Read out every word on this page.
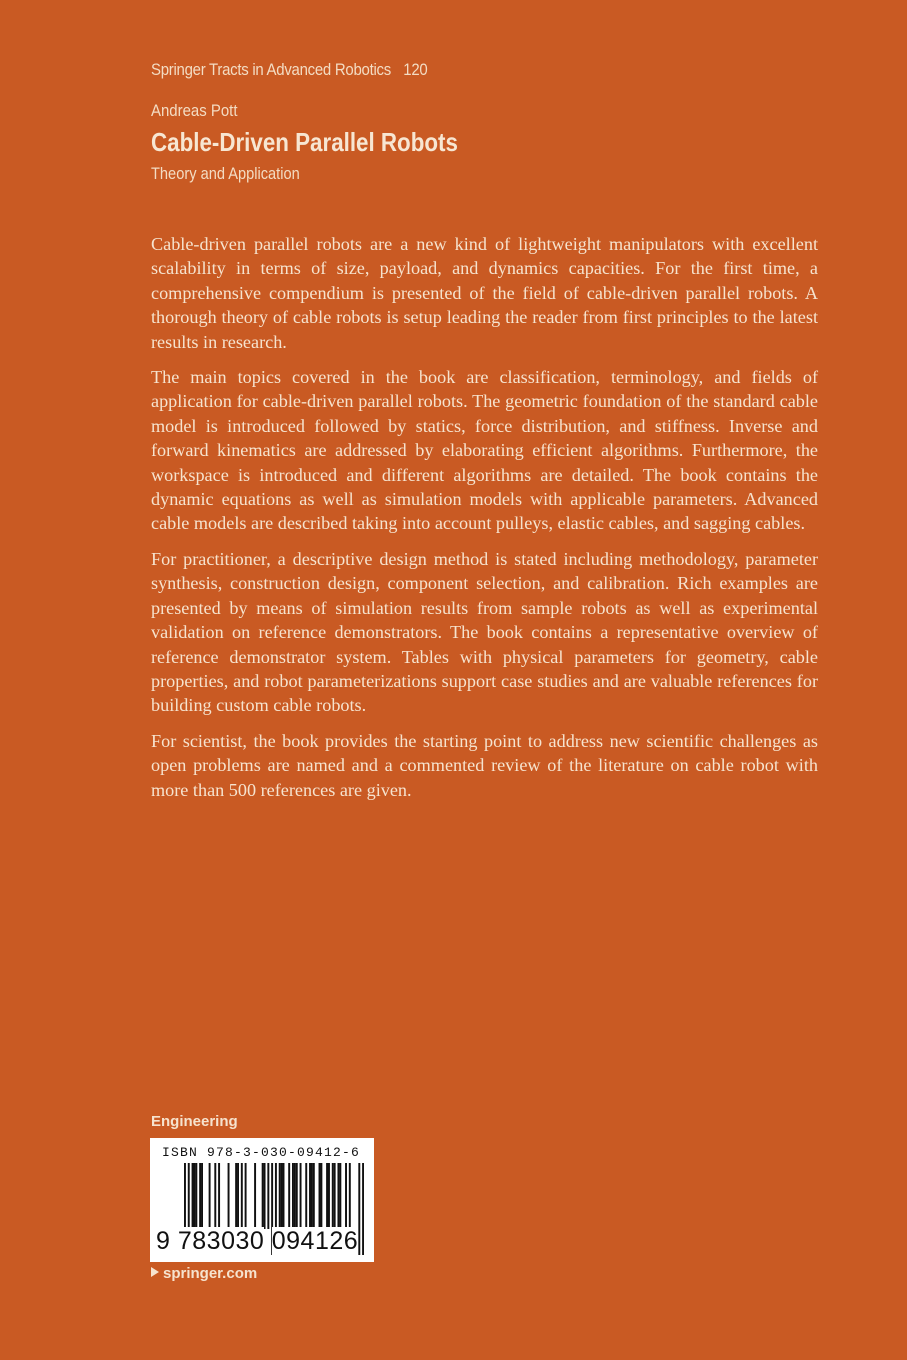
Springer Tracts in Advanced Robotics 120
Andreas Pott
Cable-Driven Parallel Robots
Theory and Application

Cable-driven parallel robots are a new kind of lightweight manipulators with excellent scalability in terms of size, payload, and dynamics capacities. For the first time, a comprehensive compendium is presented of the field of cable-driven parallel robots. A thorough theory of cable robots is setup leading the reader from first principles to the latest results in research.

The main topics covered in the book are classification, terminology, and fields of application for cable-driven parallel robots. The geometric foundation of the standard cable model is introduced followed by statics, force distribution, and stiffness. Inverse and forward kinematics are addressed by elaborating efficient algorithms. Furthermore, the workspace is introduced and different algorithms are detailed. The book contains the dynamic equations as well as simulation models with applicable parameters. Advanced cable models are described taking into account pulleys, elastic cables, and sagging cables.

For practitioner, a descriptive design method is stated including methodology, parameter synthesis, construction design, component selection, and calibration. Rich examples are presented by means of simulation results from sample robots as well as experimental validation on reference demonstrators. The book contains a representative overview of reference demonstrator system. Tables with physical parameters for geometry, cable properties, and robot parameterizations support case studies and are valuable references for building custom cable robots.

For scientist, the book provides the starting point to address new scientific challenges as open problems are named and a commented review of the literature on cable robot with more than 500 references are given.

Engineering
ISBN 978-3-030-09412-6
9 783030 094126
springer.com
